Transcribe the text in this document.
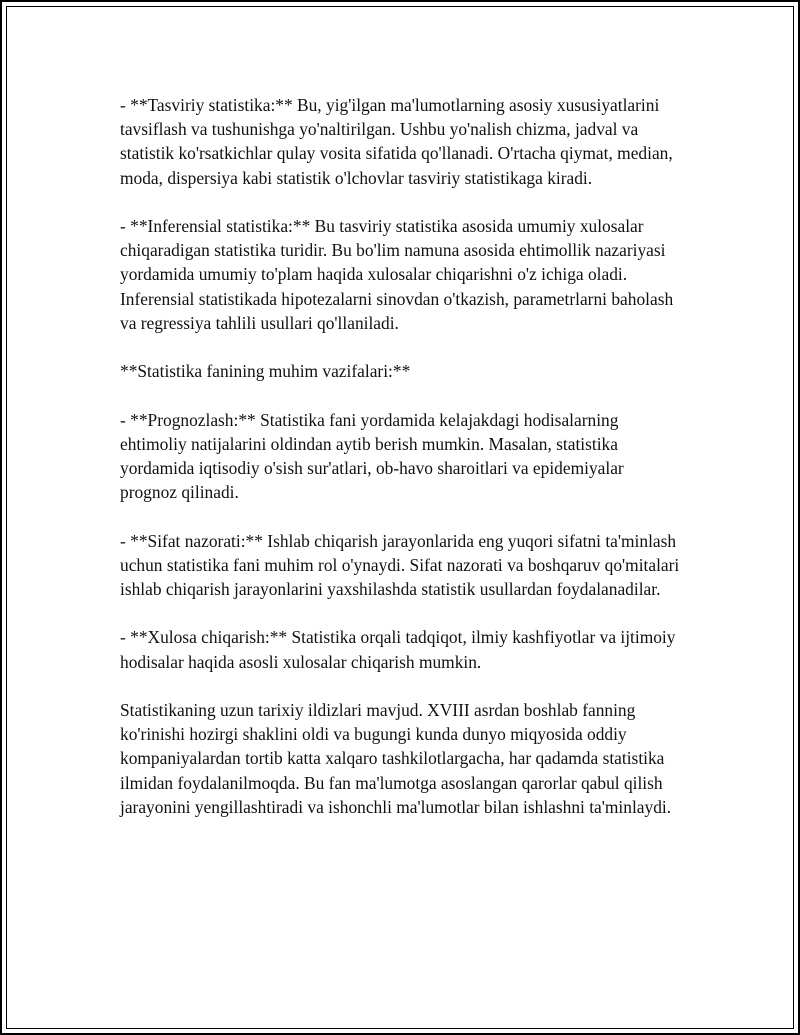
- **Tasviriy statistika:** Bu, yig'ilgan ma'lumotlarning asosiy xususiyatlarini tavsiflash va tushunishga yo'naltirilgan. Ushbu yo'nalish chizma, jadval va statistik ko'rsatkichlar qulay vosita sifatida qo'llanadi. O'rtacha qiymat, median, moda, dispersiya kabi statistik o'lchovlar tasviriy statistikaga kiradi.

- **Inferensial statistika:** Bu tasviriy statistika asosida umumiy xulosalar chiqaradigan statistika turidir. Bu bo'lim namuna asosida ehtimollik nazariyasi yordamida umumiy to'plam haqida xulosalar chiqarishni o'z ichiga oladi. Inferensial statistikada hipotezalarni sinovdan o'tkazish, parametrlarni baholash va regressiya tahlili usullari qo'llaniladi.

**Statistika fanining muhim vazifalari:**

- **Prognozlash:** Statistika fani yordamida kelajakdagi hodisalarning ehtimoliy natijalarini oldindan aytib berish mumkin. Masalan, statistika yordamida iqtisodiy o'sish sur'atlari, ob-havo sharoitlari va epidemiyalar prognoz qilinadi.

- **Sifat nazorati:** Ishlab chiqarish jarayonlarida eng yuqori sifatni ta'minlash uchun statistika fani muhim rol o'ynaydi. Sifat nazorati va boshqaruv qo'mitalari ishlab chiqarish jarayonlarini yaxshilashda statistik usullardan foydalanadilar.

- **Xulosa chiqarish:** Statistika orqali tadqiqot, ilmiy kashfiyotlar va ijtimoiy hodisalar haqida asosli xulosalar chiqarish mumkin.

Statistikaning uzun tarixiy ildizlari mavjud. XVIII asrdan boshlab fanning ko'rinishi hozirgi shaklini oldi va bugungi kunda dunyo miqyosida oddiy kompaniyalardan tortib katta xalqaro tashkilotlargacha, har qadamda statistika ilmidan foydalanilmoqda. Bu fan ma'lumotga asoslangan qarorlar qabul qilish jarayonini yengillashtiradi va ishonchli ma'lumotlar bilan ishlashni ta'minlaydi.
